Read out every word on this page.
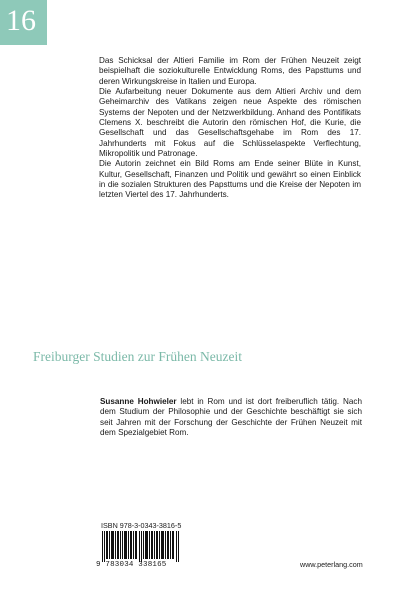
16

Das Schicksal der Altieri Familie im Rom der Frühen Neuzeit zeigt beispielhaft die soziokulturelle Entwicklung Roms, des Papsttums und deren Wirkungskreise in Italien und Europa.

Die Aufarbeitung neuer Dokumente aus dem Altieri Archiv und dem Geheimarchiv des Vatikans zeigen neue Aspekte des römischen Systems der Nepoten und der Netzwerkbildung. Anhand des Pontifikats Clemens X. beschreibt die Autorin den römischen Hof, die Kurie, die Gesellschaft und das Gesellschaftsgehabe im Rom des 17. Jahrhunderts mit Fokus auf die Schlüsselaspekte Verflechtung, Mikropolitik und Patronage.

Die Autorin zeichnet ein Bild Roms am Ende seiner Blüte in Kunst, Kultur, Gesellschaft, Finanzen und Politik und gewährt so einen Einblick in die sozialen Strukturen des Papsttums und die Kreise der Nepoten im letzten Viertel des 17. Jahrhunderts.

Freiburger Studien zur Frühen Neuzeit

Susanne Hohwieler lebt in Rom und ist dort freiberuflich tätig. Nach dem Studium der Philosophie und der Geschichte beschäftigt sie sich seit Jahren mit der Forschung der Geschichte der Frühen Neuzeit mit dem Spezialgebiet Rom.

ISBN 978-3-0343-3816-5
9 783034 338165	www.peterlang.com
